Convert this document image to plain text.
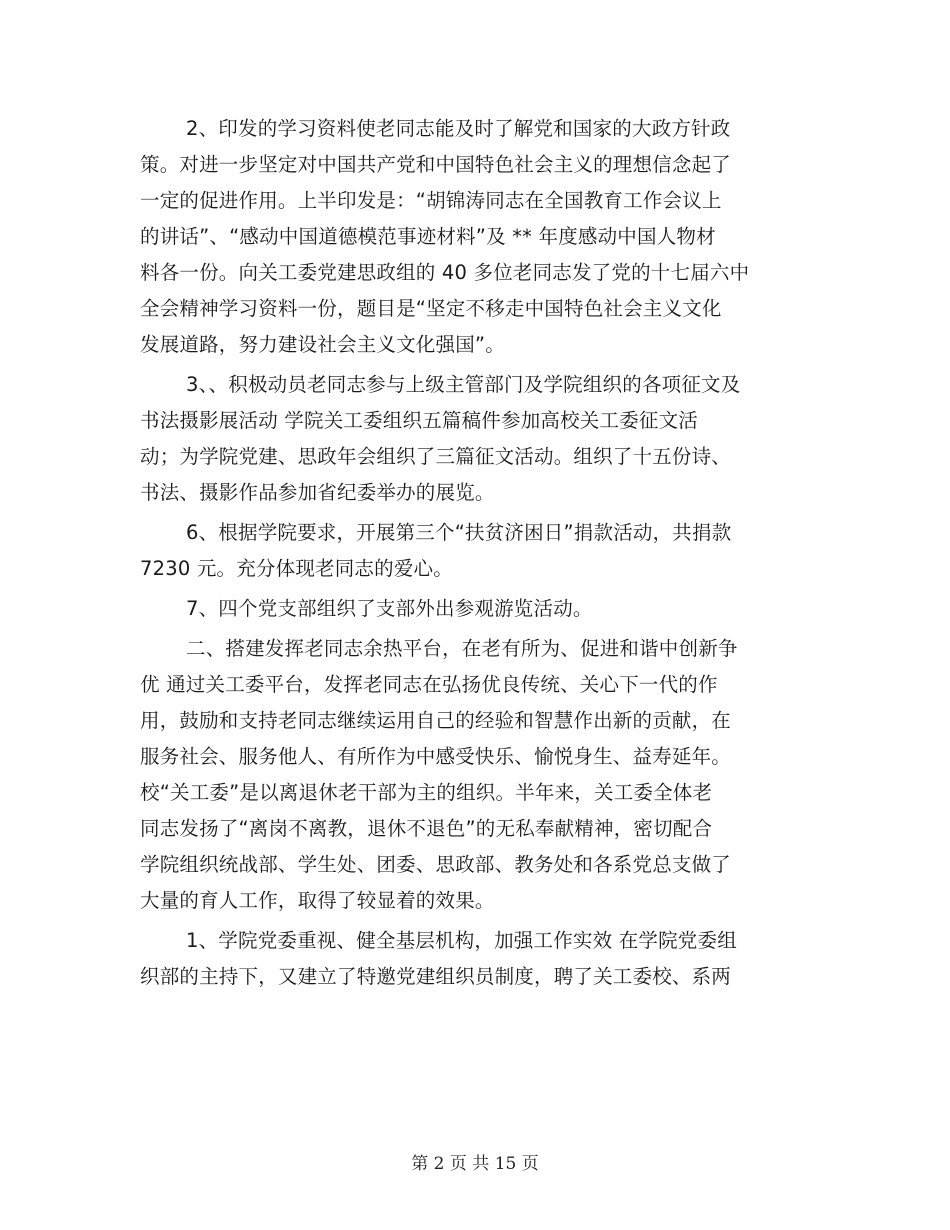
2、印发的学习资料使老同志能及时了解党和国家的大政方针政
策。对进一步坚定对中国共产党和中国特色社会主义的理想信念起了
一定的促进作用。上半印发是：“胡锦涛同志在全国教育工作会议上
的讲话”、“感动中国道德模范事迹材料”及 ** 年度感动中国人物材
料各一份。向关工委党建思政组的 40 多位老同志发了党的十七届六中
全会精神学习资料一份，题目是“坚定不移走中国特色社会主义文化
发展道路，努力建设社会主义文化强国”。
3、、积极动员老同志参与上级主管部门及学院组织的各项征文及
书法摄影展活动 学院关工委组织五篇稿件参加高校关工委征文活
动；为学院党建、思政年会组织了三篇征文活动。组织了十五份诗、
书法、摄影作品参加省纪委举办的展览。
6、根据学院要求，开展第三个“扶贫济困日”捐款活动，共捐款
7230 元。充分体现老同志的爱心。
7、四个党支部组织了支部外出参观游览活动。
二、搭建发挥老同志余热平台，在老有所为、促进和谐中创新争
优 通过关工委平台，发挥老同志在弘扬优良传统、关心下一代的作
用，鼓励和支持老同志继续运用自己的经验和智慧作出新的贡献，在
服务社会、服务他人、有所作为中感受快乐、愉悦身生、益寿延年。
校“关工委”是以离退休老干部为主的组织。半年来，关工委全体老
同志发扬了“离岗不离教，退休不退色”的无私奉献精神，密切配合
学院组织统战部、学生处、团委、思政部、教务处和各系党总支做了
大量的育人工作，取得了较显着的效果。
1、学院党委重视、健全基层机构，加强工作实效 在学院党委组
织部的主持下，又建立了特邀党建组织员制度，聘了关工委校、系两
第 2 页 共 15 页
